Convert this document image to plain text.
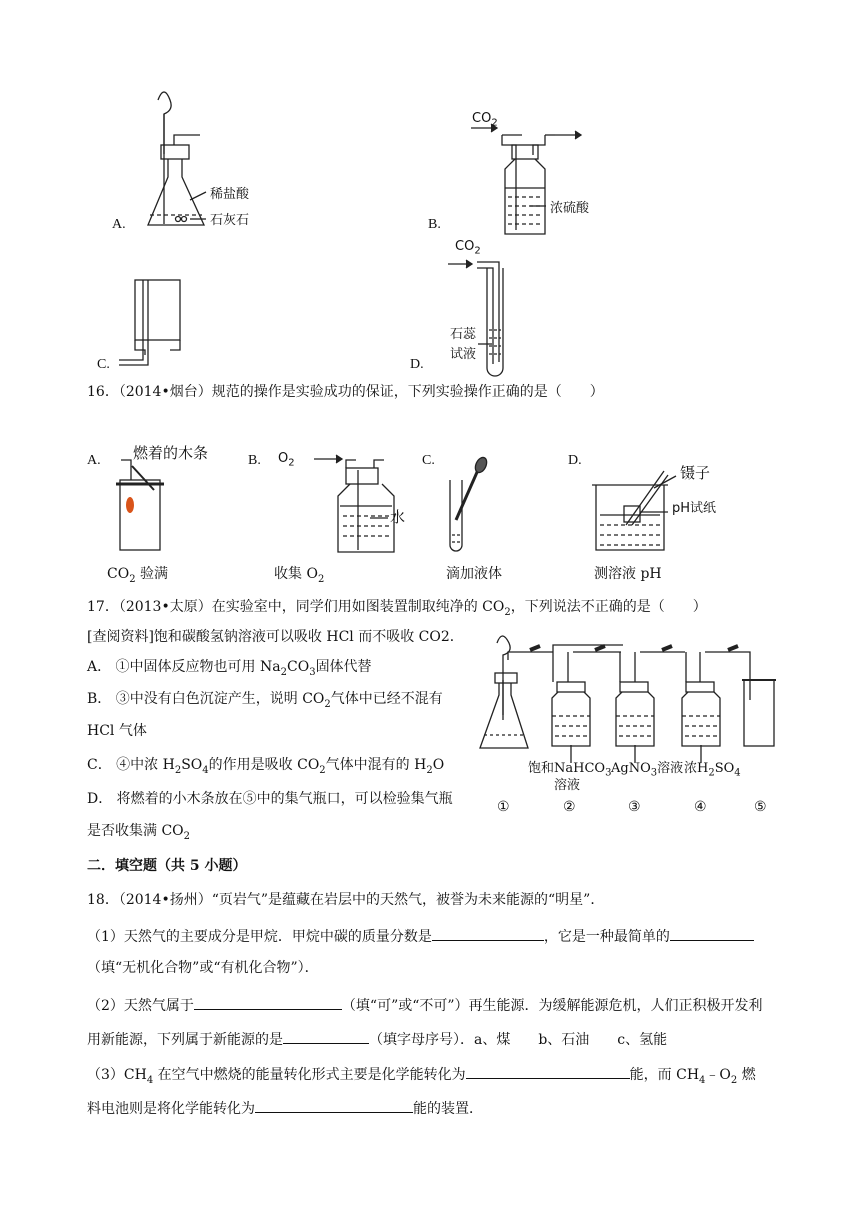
A.
稀盐酸
石灰石	B.
$CO_2$
浓硫酸
C.	D.
$CO_2$
石蕊
试液
16．（2014•烟台）规范的操作是实验成功的保证，下列实验操作正确的是（　　）
A. 燃着的木条	B. $O_2$
水
C.	D.
镊子
pH试纸
$CO_2$ 验满	收集 $O_2$	滴加液体	测溶液 pH
17．（2013•太原）在实验室中，同学们用如图装置制取纯净的 $CO_2$，下列说法不正确的是（　　）
[查阅资料]饱和碳酸氢钠溶液可以吸收 HCl 而不吸收 CO2．
A． ①中固体反应物也可用 $Na_2CO_3$固体代替
B． ③中没有白色沉淀产生，说明 $CO_2$气体中已经不混有
HCl 气体
C． ④中浓 $H_2SO_4$的作用是吸收 $CO_2$气体中混有的 $H_2O$
D． 将燃着的小木条放在⑤中的集气瓶口，可以检验集气瓶
是否收集满 $CO_2$
饱和NaHCO$_3$
溶液
AgNO$_3$溶液 浓$H_2SO_4$
①	②	③	④	⑤
二．填空题（共 5 小题）
18．（2014•扬州）“页岩气”是蕴藏在岩层中的天然气，被誉为未来能源的“明星”．
（1）天然气的主要成分是甲烷．甲烷中碳的质量分数是	，它是一种最简单的
（填“无机化合物”或“有机化合物”）．
（2）天然气属于	（填“可”或“不可”）再生能源．为缓解能源危机，人们正积极开发利
用新能源，下列属于新能源的是	（填字母序号）．a、煤　　b、石油　　c、氢能
$(3)CH_4$ 在空气中燃烧的能量转化形式主要是化学能转化为	能，而 $CH_4﹣O_2$ 燃
料电池则是将化学能转化为	能的装置．
